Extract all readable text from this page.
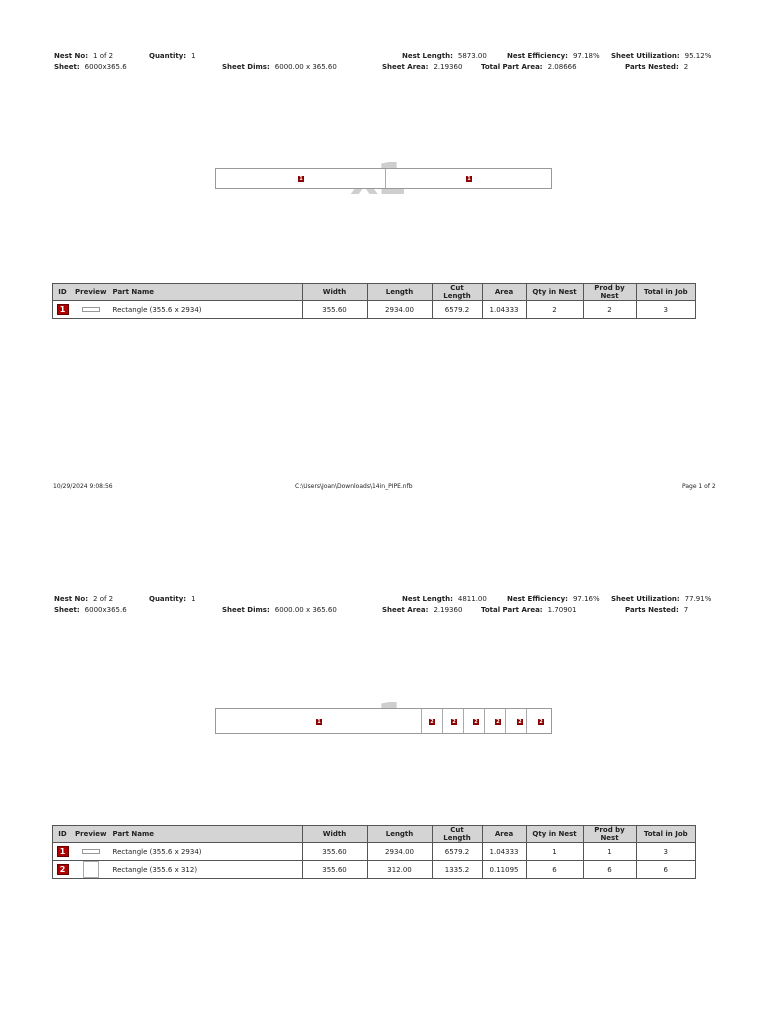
Nest No: 1 of 2	Quantity: 1	Nest Length: 5873.00	Nest Efficiency: 97.18% Sheet Utilization: 95.12%
Sheet: 6000x365.6	Sheet Dims: 6000.00 x 365.60	Sheet Area: 2.19360	Total Part Area: 2.08666	Parts Nested: 2
1	1
ID	Preview	Part Name	Width	Length	Cut Length	Area	Qty in Nest	Prod by Nest	Total in Job
1		Rectangle (355.6 x 2934)	355.60	2934.00	6579.2	1.04333	2	2	3
10/29/2024 9:08:56	C:\Users\Joan\Downloads\14in_PIPE.nfb	Page 1 of 2
Nest No: 2 of 2	Quantity: 1	Nest Length: 4811.00	Nest Efficiency: 97.16% Sheet Utilization: 77.91%
Sheet: 6000x365.6	Sheet Dims: 6000.00 x 365.60	Sheet Area: 2.19360	Total Part Area: 1.70901	Parts Nested: 7
1	2	2	2	2	2	2
ID	Preview	Part Name	Width	Length	Cut Length	Area	Qty in Nest	Prod by Nest	Total in Job
1		Rectangle (355.6 x 2934)	355.60	2934.00	6579.2	1.04333	1	1	3
2		Rectangle (355.6 x 312)	355.60	312.00	1335.2	0.11095	6	6	6
